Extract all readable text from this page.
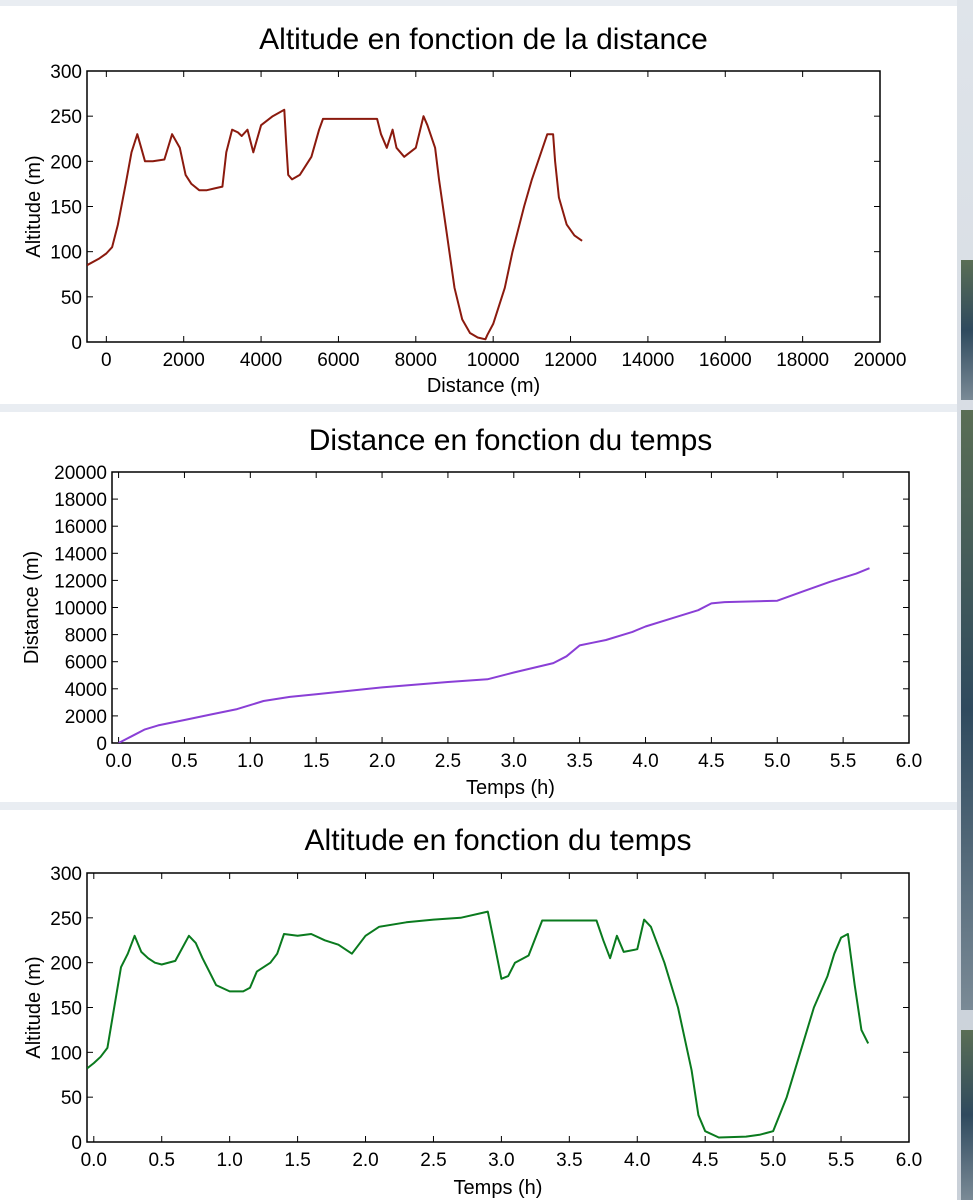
Altitude en fonction de la distance
0	2000 4000 6000 8000 10000 12000 14000 16000 18000 20000
0
50
100
150
200
250
300
Distance (m)
Altitude (m)
Distance en fonction du temps
0.0 0.5 1.0 1.5 2.0 2.5 3.0 3.5 4.0 4.5 5.0 5.5 6.0
0
2000
4000
6000
8000
10000
12000
14000
16000
18000
20000
Temps (h)
Distance (m)
Altitude en fonction du temps
0.0 0.5 1.0 1.5 2.0 2.5 3.0 3.5 4.0 4.5 5.0 5.5 6.0
0
50
100
150
200
250
300
Temps (h)
Altitude (m)
